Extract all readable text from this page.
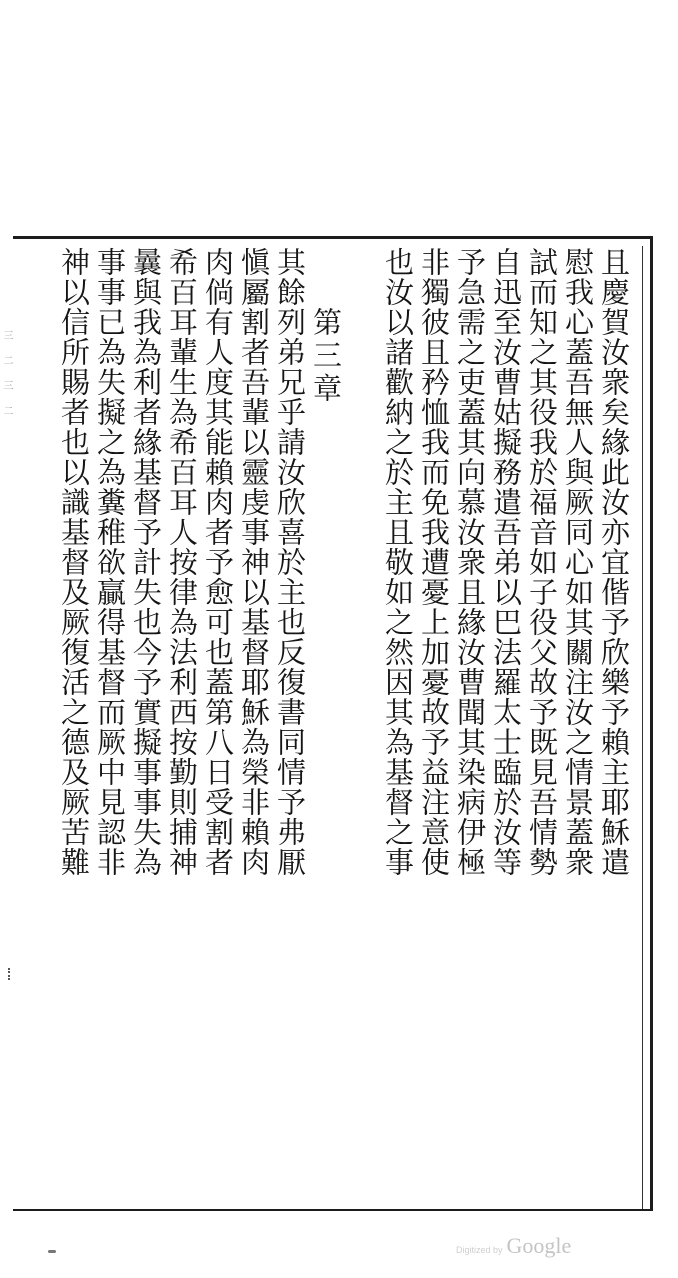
且慶賀汝衆矣緣此汝亦宜偕予欣樂予賴主耶穌遣
慰我心蓋吾無人與厥同心如其關注汝之情景蓋衆
試而知之其役我於福音如子役父故予既見吾情勢
自迅至汝曹姑擬務遣吾弟以巴法羅太士臨於汝等
予急需之吏蓋其向慕汝衆且緣汝曹聞其染病伊極
非獨彼且矜恤我而免我遭憂上加憂故予益注意使
也汝以諸歡納之於主且敬如之然因其為基督之事
第三章
其餘列弟兄乎請汝欣喜於主也反復書同情予弗厭
愼屬割者吾輩以靈虔事神以基督耶穌為榮非賴肉
肉倘有人度其能賴肉者予愈可也蓋第八日受割者
希百耳輩生為希百耳人按律為法利西按勤則捕神
曩與我為利者緣基督予計失也今予實擬事事失為
事事已為失擬之為糞稚欲贏得基督而厥中見認非
神以信所賜者也以識基督及厥復活之德及厥苦難
三 二 三 二
Digitized by Google
